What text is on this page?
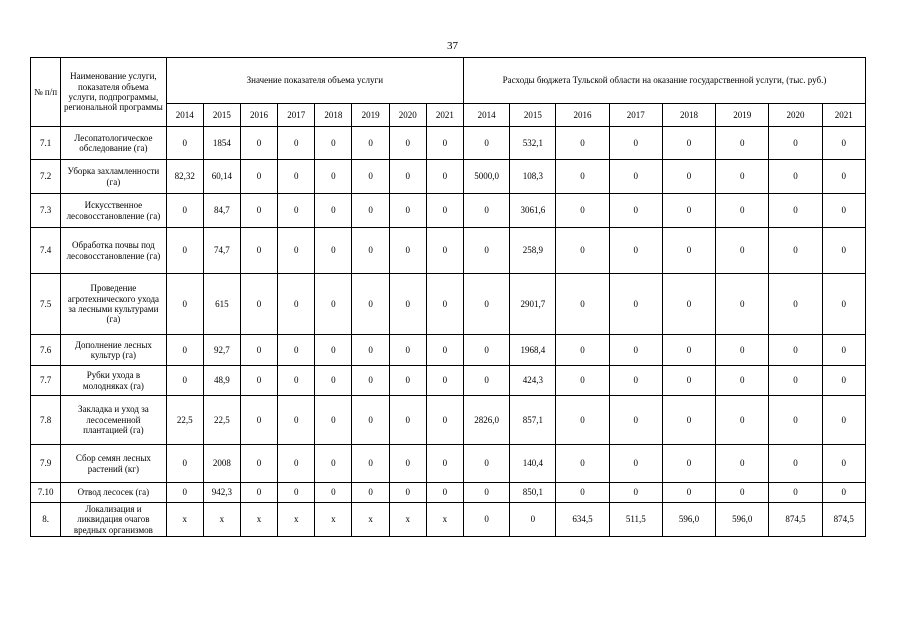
37
№ п/п	Наименование услуги, показателя объема услуги, подпрограммы, региональной программы	Значение показателя объема услуги								Расходы бюджета Тульской области на оказание государственной услуги, (тыс. руб.)							
		2014	2015	2016	2017	2018	2019	2020	2021	2014	2015	2016	2017	2018	2019	2020	2021
7.1	Лесопатологическое обследование (га)	0	1854	0	0	0	0	0	0	0	532,1	0	0	0	0	0	0
7.2	Уборка захламленности (га)	82,32	60,14	0	0	0	0	0	0	5000,0	108,3	0	0	0	0	0	0
7.3	Искусственное лесовосстановление (га)	0	84,7	0	0	0	0	0	0	0	3061,6	0	0	0	0	0	0
7.4	Обработка почвы под лесовосстановление (га)	0	74,7	0	0	0	0	0	0	0	258,9	0	0	0	0	0	0
7.5	Проведение агротехнического ухода за лесными культурами (га)	0	615	0	0	0	0	0	0	0	2901,7	0	0	0	0	0	0
7.6	Дополнение лесных культур (га)	0	92,7	0	0	0	0	0	0	0	1968,4	0	0	0	0	0	0
7.7	Рубки ухода в молодняках (га)	0	48,9	0	0	0	0	0	0	0	424,3	0	0	0	0	0	0
7.8	Закладка и уход за лесосеменной плантацией (га)	22,5	22,5	0	0	0	0	0	0	2826,0	857,1	0	0	0	0	0	0
7.9	Сбор семян лесных растений (кг)	0	2008	0	0	0	0	0	0	0	140,4	0	0	0	0	0	0
7.10	Отвод лесосек (га)	0	942,3	0	0	0	0	0	0	0	850,1	0	0	0	0	0	0
8.	Локализация и ликвидация очагов вредных организмов	x	x	x	x	x	x	x	x	0	0	634,5	511,5	596,0	596,0	874,5	874,5
